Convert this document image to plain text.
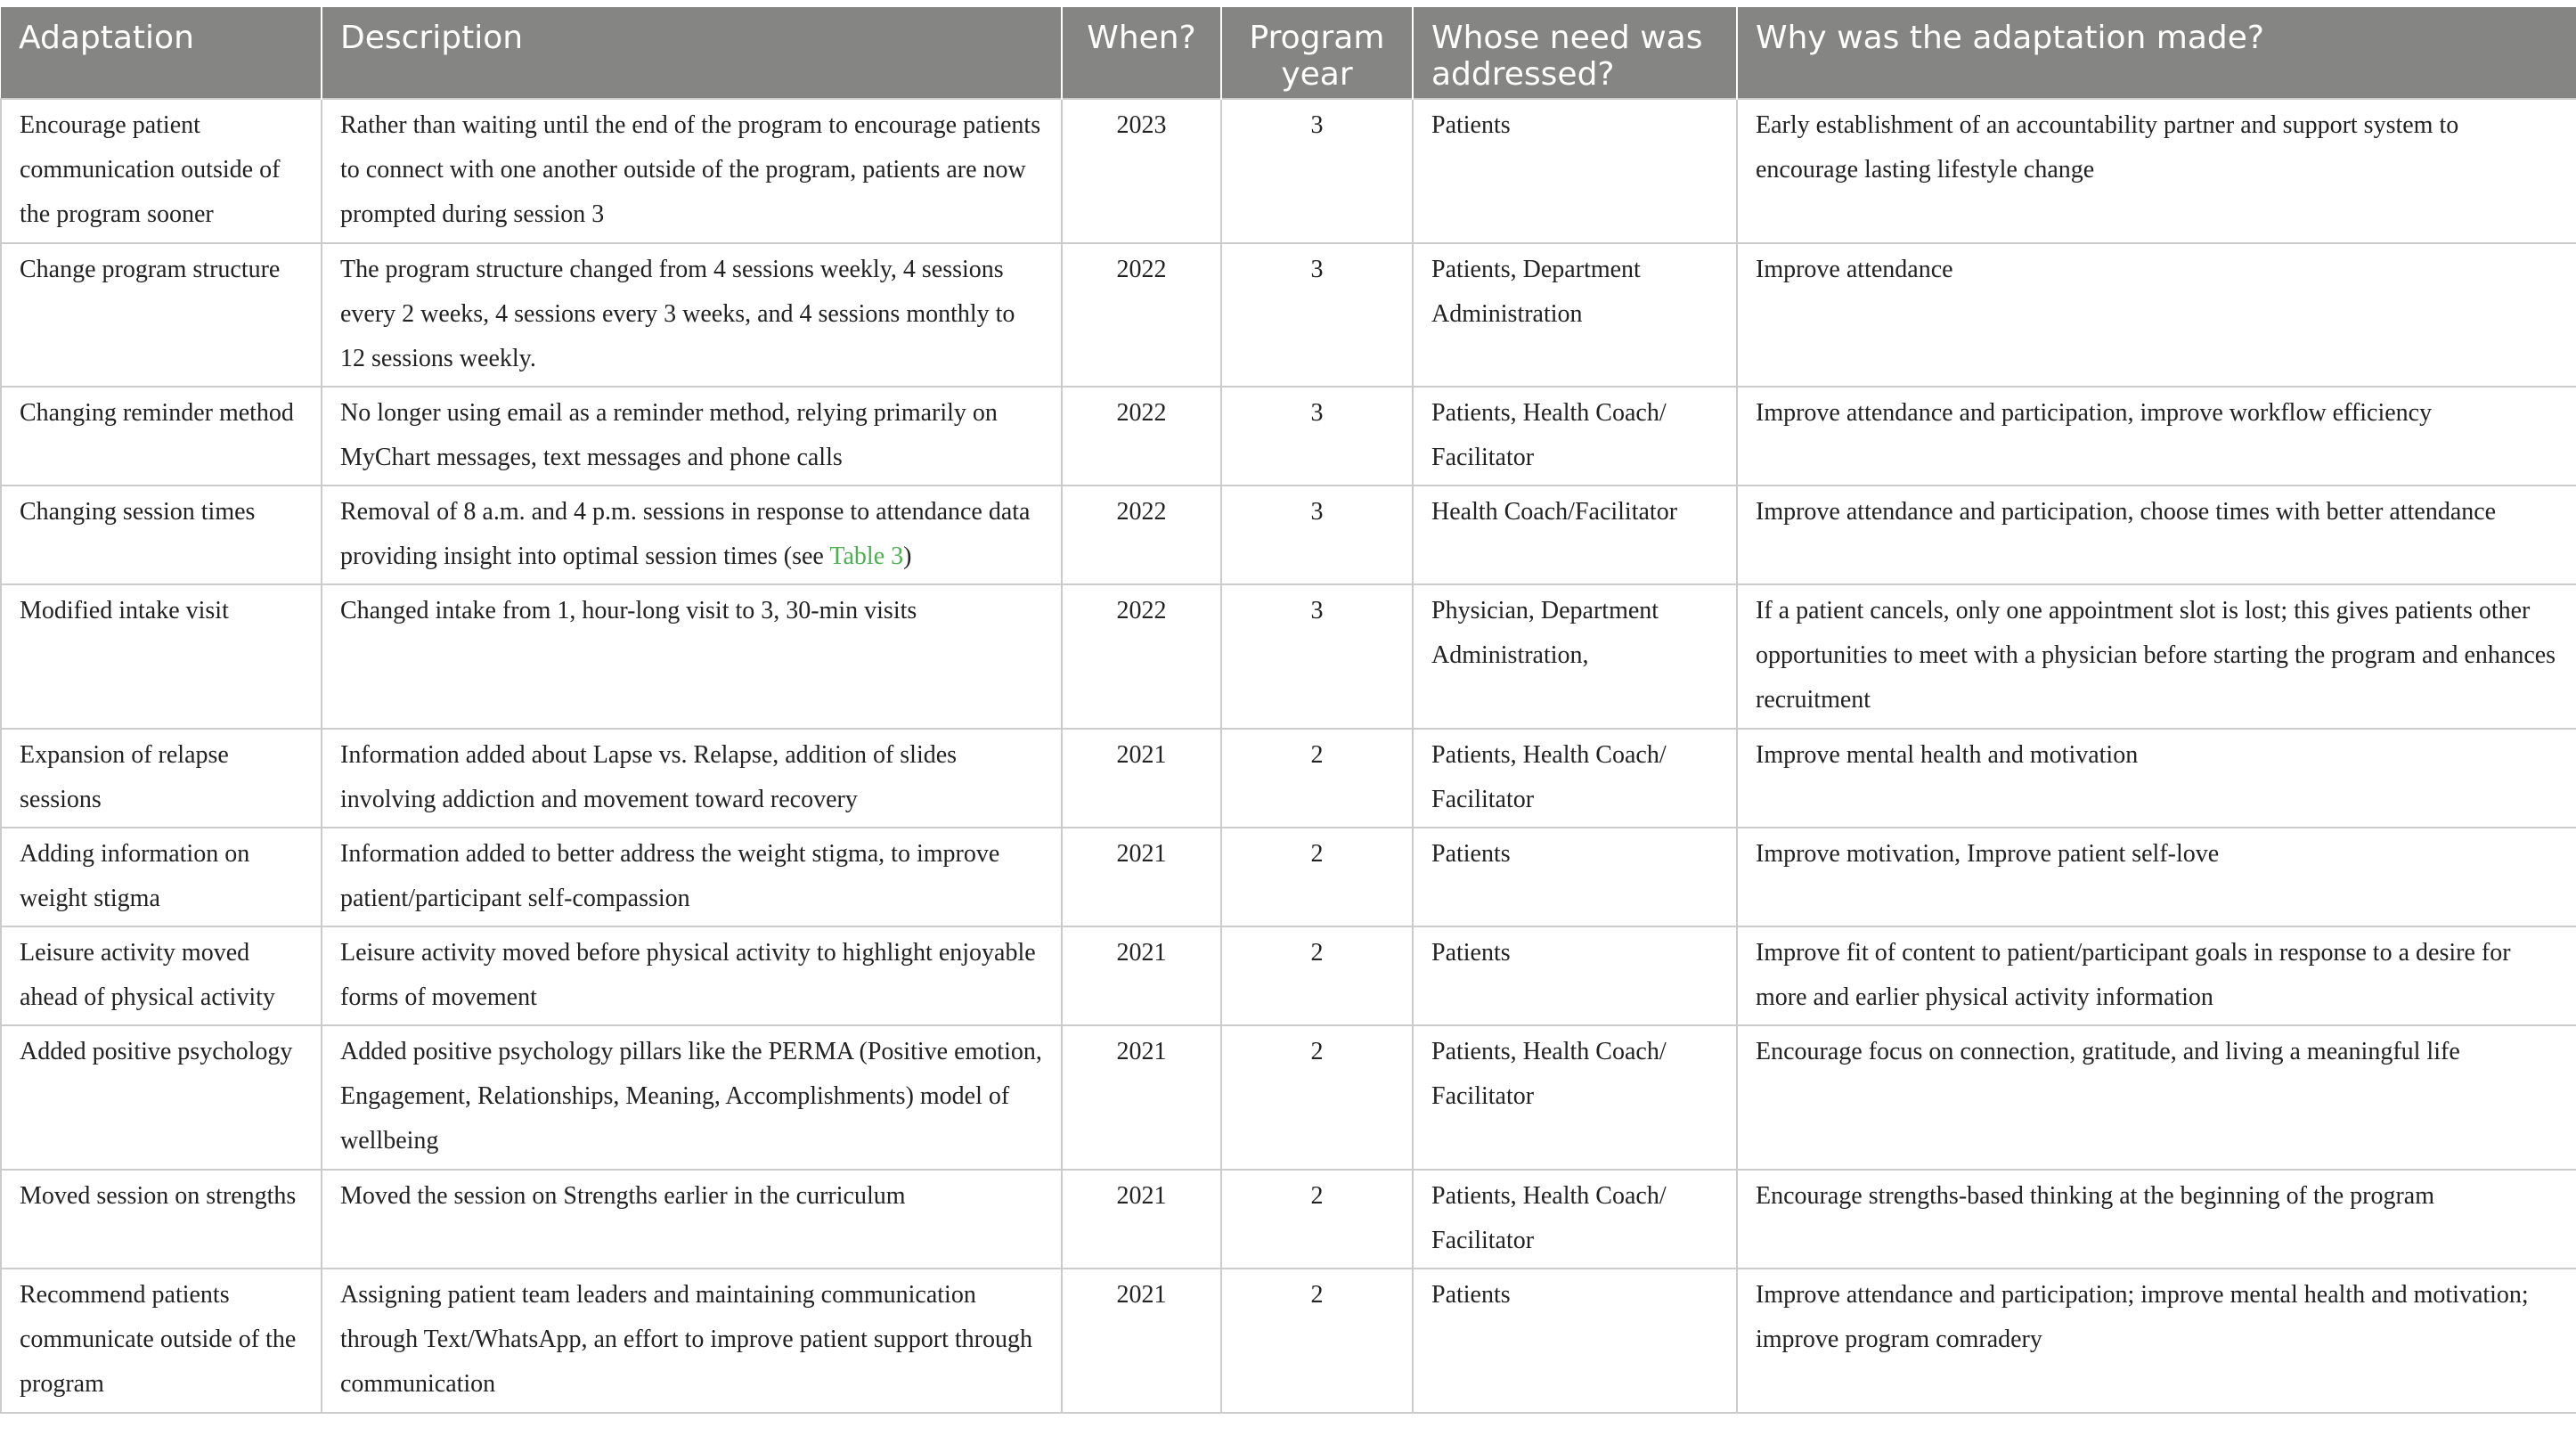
Adaptation	Description	When?	Program year	Whose need was addressed?	Why was the adaptation made?
Encourage patient communication outside of the program sooner	Rather than waiting until the end of the program to encourage patients to connect with one another outside of the program, patients are now prompted during session 3	2023	3	Patients	Early establishment of an accountability partner and support system to encourage lasting lifestyle change
Change program structure	The program structure changed from 4 sessions weekly, 4 sessions every 2 weeks, 4 sessions every 3 weeks, and 4 sessions monthly to 12 sessions weekly.	2022	3	Patients, Department Administration	Improve attendance
Changing reminder method	No longer using email as a reminder method, relying primarily on MyChart messages, text messages and phone calls	2022	3	Patients, Health Coach/ Facilitator	Improve attendance and participation, improve workflow efficiency
Changing session times	Removal of 8 a.m. and 4 p.m. sessions in response to attendance data providing insight into optimal session times (see Table 3)	2022	3	Health Coach/Facilitator	Improve attendance and participation, choose times with better attendance
Modified intake visit	Changed intake from 1, hour-long visit to 3, 30-min visits	2022	3	Physician, Department Administration,	If a patient cancels, only one appointment slot is lost; this gives patients other opportunities to meet with a physician before starting the program and enhances recruitment
Expansion of relapse sessions	Information added about Lapse vs. Relapse, addition of slides involving addiction and movement toward recovery	2021	2	Patients, Health Coach/ Facilitator	Improve mental health and motivation
Adding information on weight stigma	Information added to better address the weight stigma, to improve patient/participant self-compassion	2021	2	Patients	Improve motivation, Improve patient self-love
Leisure activity moved ahead of physical activity	Leisure activity moved before physical activity to highlight enjoyable forms of movement	2021	2	Patients	Improve fit of content to patient/participant goals in response to a desire for more and earlier physical activity information
Added positive psychology	Added positive psychology pillars like the PERMA (Positive emotion, Engagement, Relationships, Meaning, Accomplishments) model of wellbeing	2021	2	Patients, Health Coach/ Facilitator	Encourage focus on connection, gratitude, and living a meaningful life
Moved session on strengths	Moved the session on Strengths earlier in the curriculum	2021	2	Patients, Health Coach/ Facilitator	Encourage strengths-based thinking at the beginning of the program
Recommend patients communicate outside of the program	Assigning patient team leaders and maintaining communication through Text/WhatsApp, an effort to improve patient support through communication	2021	2	Patients	Improve attendance and participation; improve mental health and motivation; improve program comradery
